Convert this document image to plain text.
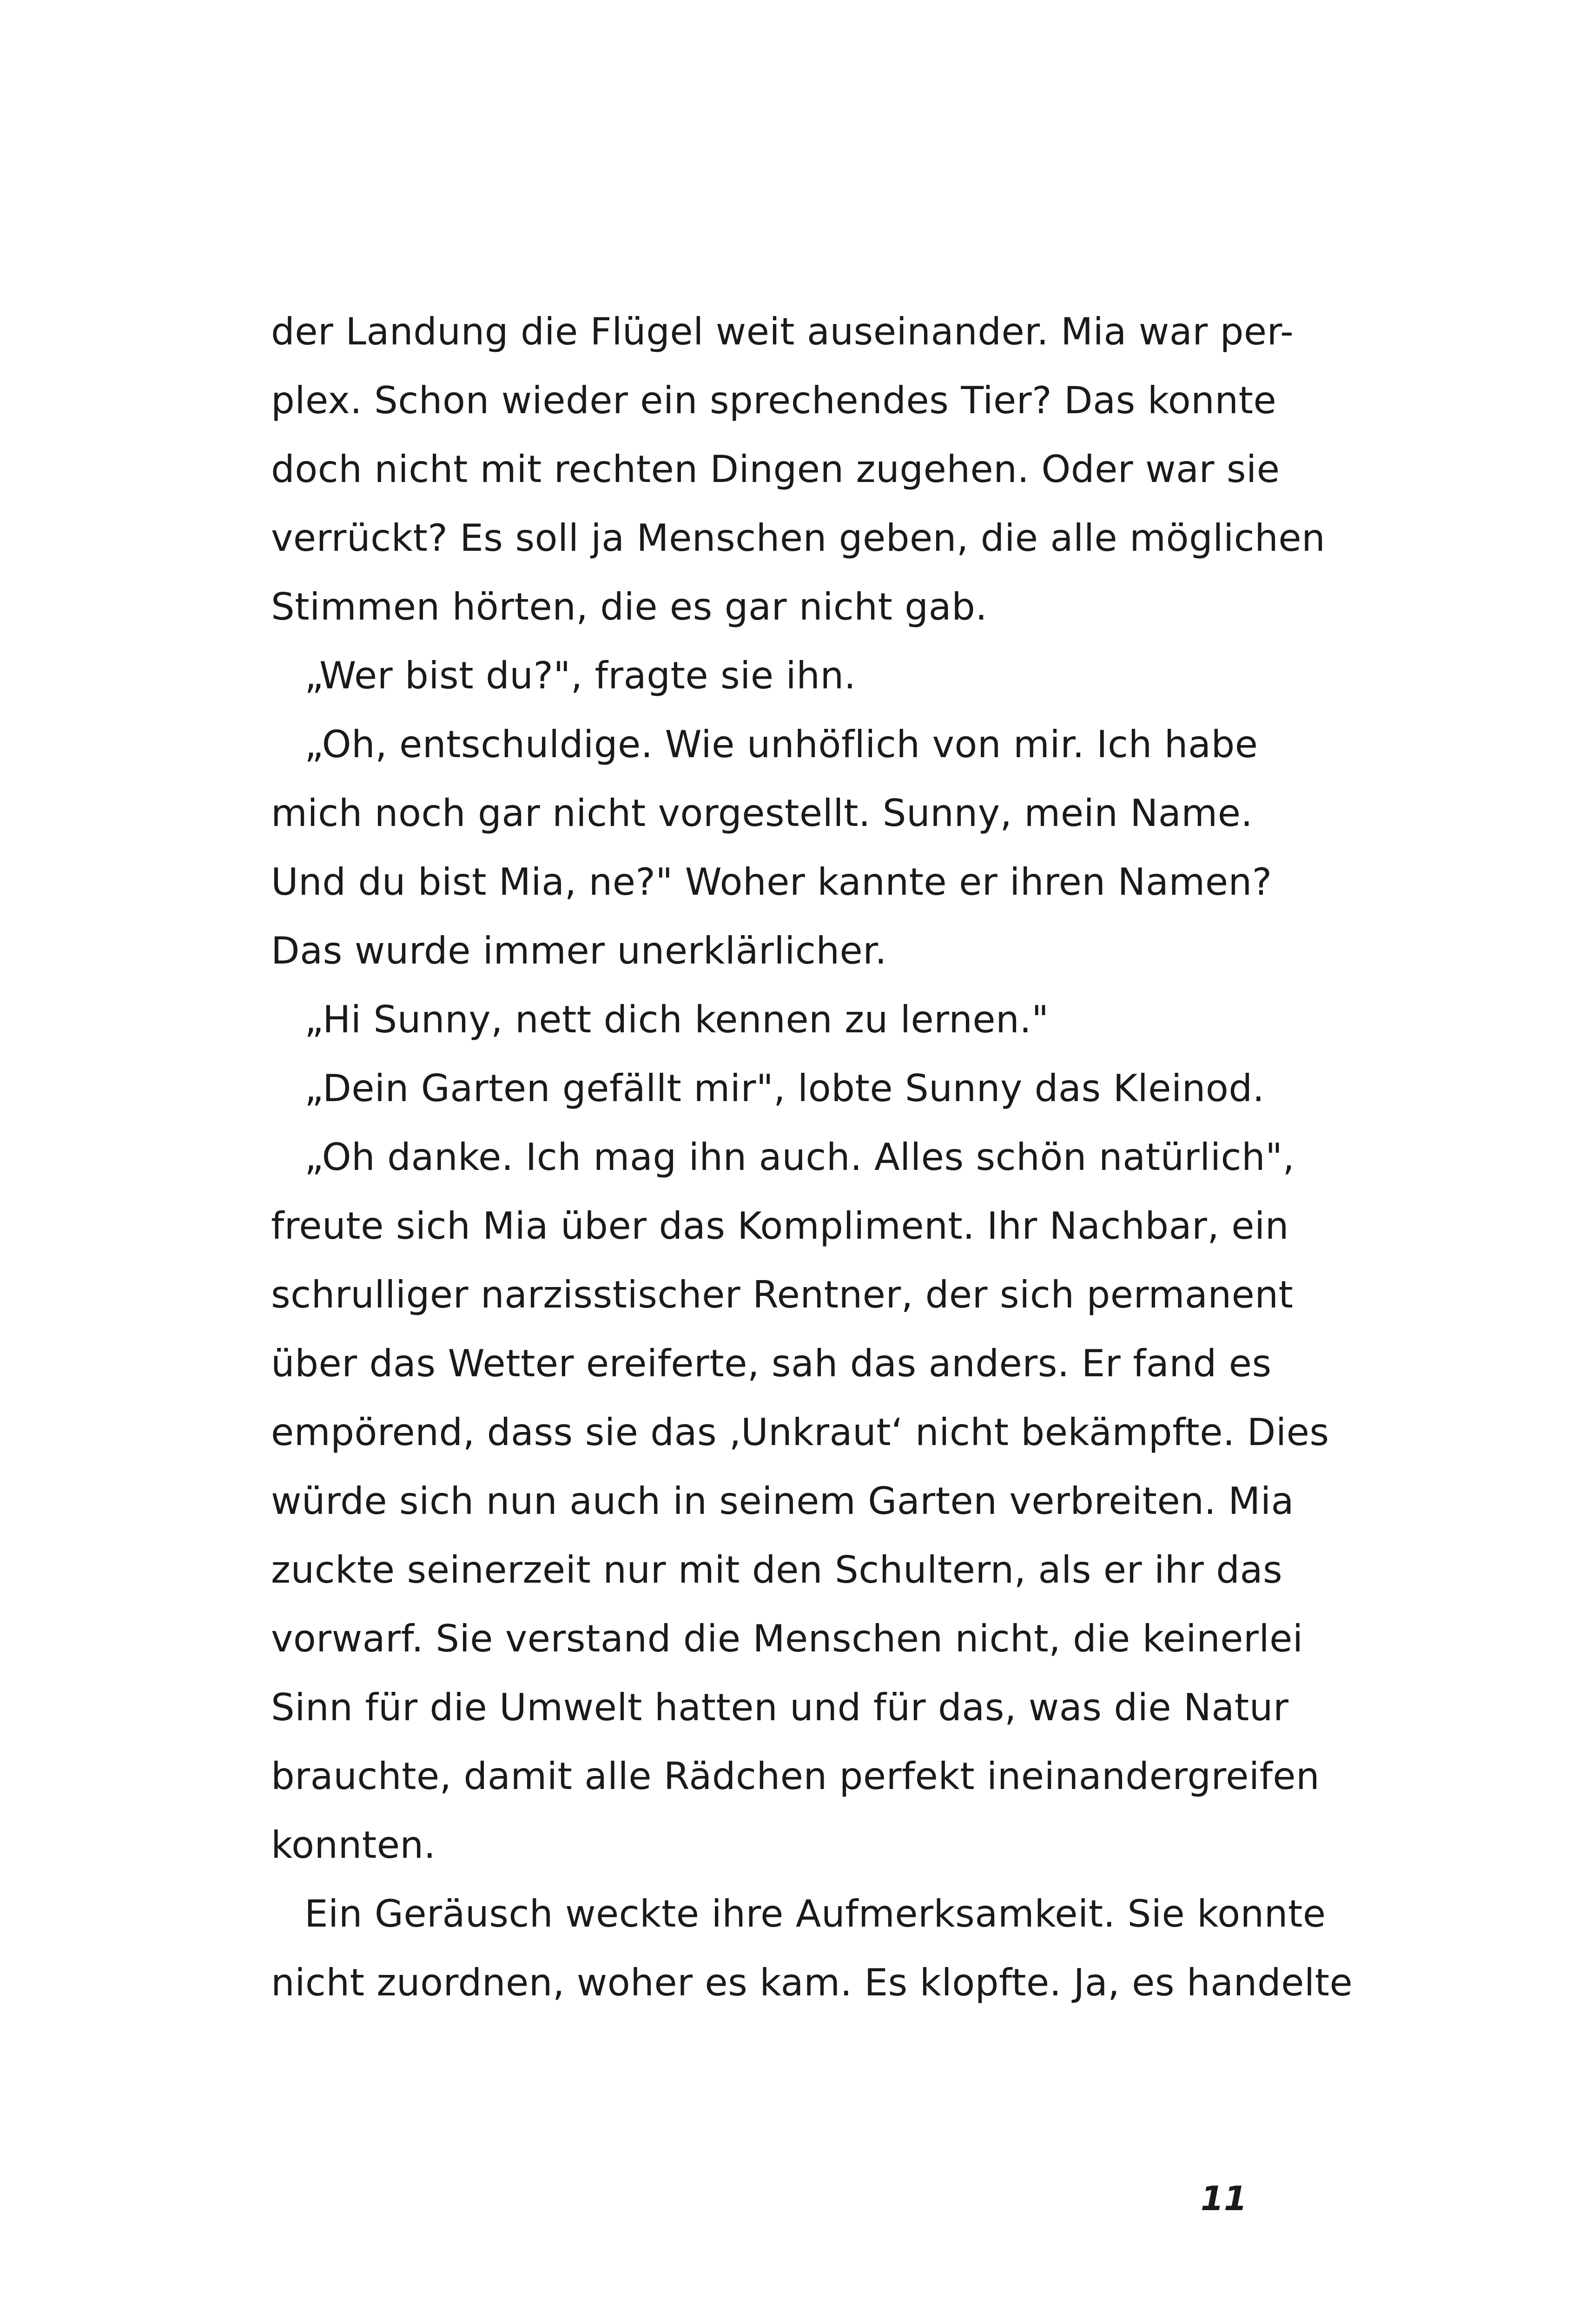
der Landung die Flügel weit auseinander. Mia war per-
plex. Schon wieder ein sprechendes Tier? Das konnte
doch nicht mit rechten Dingen zugehen. Oder war sie
verrückt? Es soll ja Menschen geben, die alle möglichen
Stimmen hörten, die es gar nicht gab.
„Wer bist du?", fragte sie ihn.
„Oh, entschuldige. Wie unhöflich von mir. Ich habe
mich noch gar nicht vorgestellt. Sunny, mein Name.
Und du bist Mia, ne?" Woher kannte er ihren Namen?
Das wurde immer unerklärlicher.
„Hi Sunny, nett dich kennen zu lernen."
„Dein Garten gefällt mir", lobte Sunny das Kleinod.
„Oh danke. Ich mag ihn auch. Alles schön natürlich",
freute sich Mia über das Kompliment. Ihr Nachbar, ein
schrulliger narzisstischer Rentner, der sich permanent
über das Wetter ereiferte, sah das anders. Er fand es
empörend, dass sie das ‚Unkraut‘ nicht bekämpfte. Dies
würde sich nun auch in seinem Garten verbreiten. Mia
zuckte seinerzeit nur mit den Schultern, als er ihr das
vorwarf. Sie verstand die Menschen nicht, die keinerlei
Sinn für die Umwelt hatten und für das, was die Natur
brauchte, damit alle Rädchen perfekt ineinandergreifen
konnten.
Ein Geräusch weckte ihre Aufmerksamkeit. Sie konnte
nicht zuordnen, woher es kam. Es klopfte. Ja, es handelte
11
